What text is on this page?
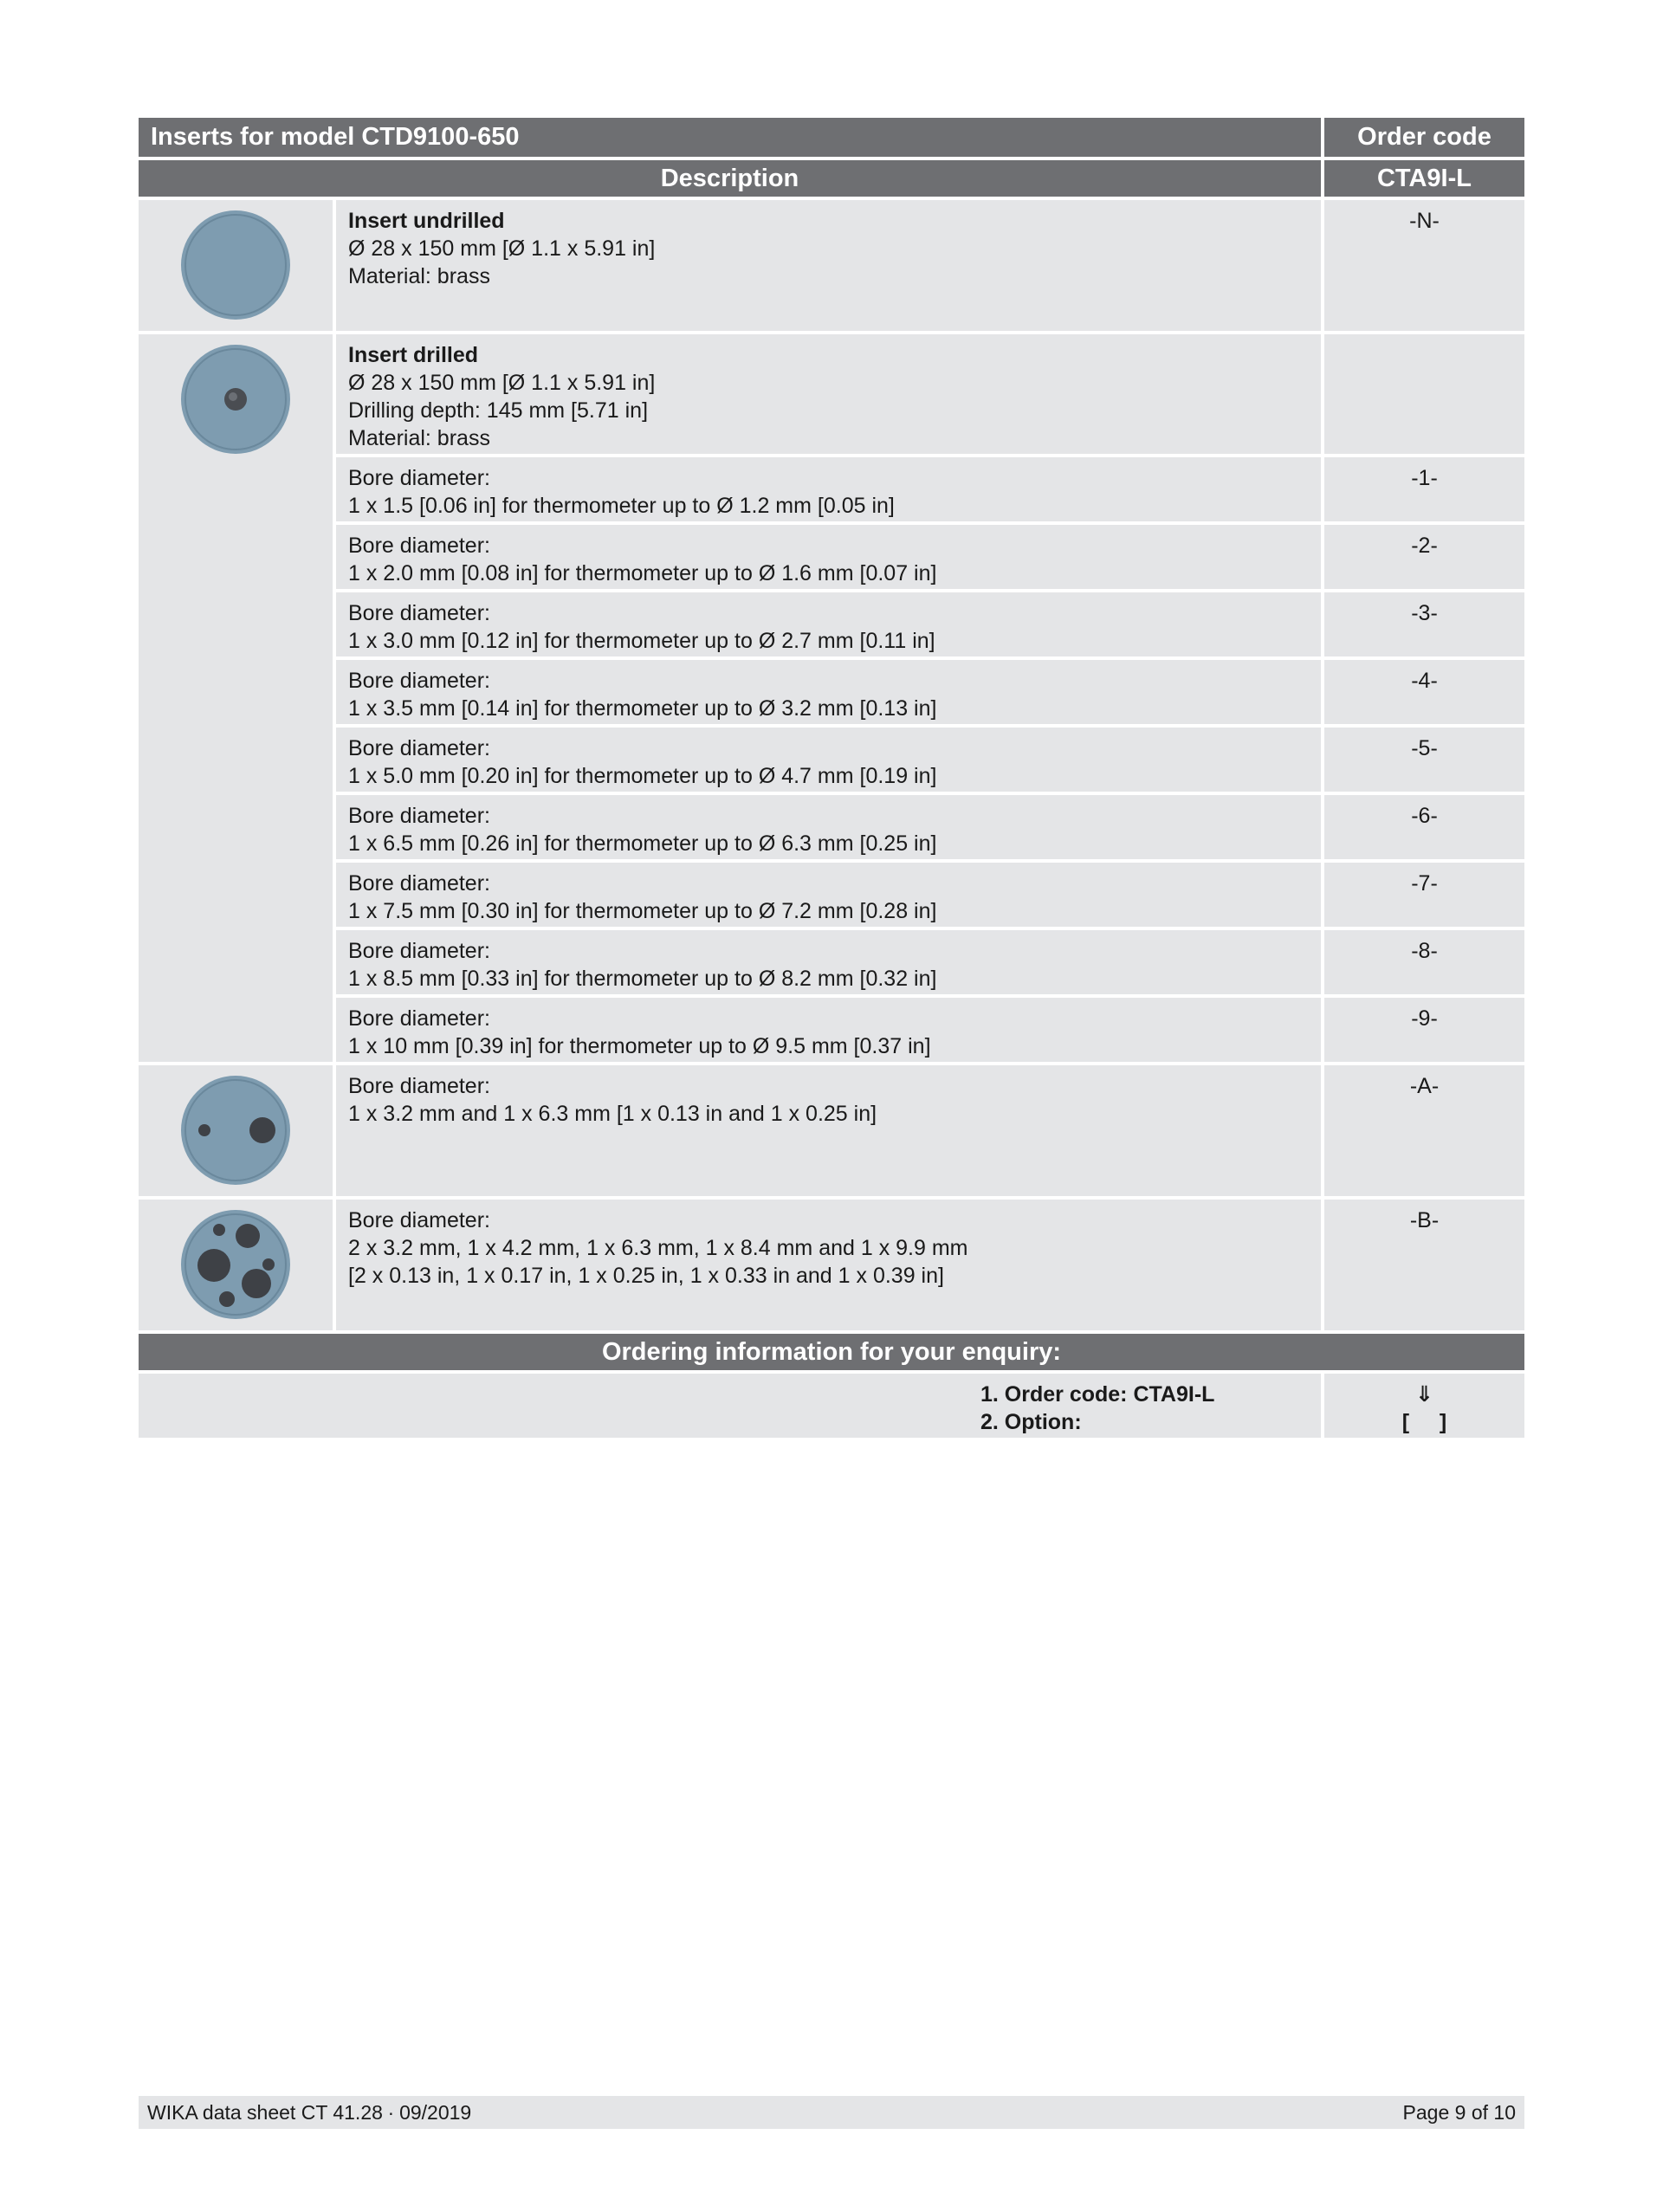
Inserts for model CTD9100-650	Order code
Description	CTA9I-L
Insert undrilled
Ø 28 x 150 mm [Ø 1.1 x 5.91 in]
Material: brass
-N-
Insert drilled
Ø 28 x 150 mm [Ø 1.1 x 5.91 in]
Drilling depth: 145 mm [5.71 in]
Material: brass
Bore diameter:
1 x 1.5 [0.06 in] for thermometer up to Ø 1.2 mm [0.05 in]
-1-
Bore diameter:
1 x 2.0 mm [0.08 in] for thermometer up to Ø 1.6 mm [0.07 in]
-2-
Bore diameter:
1 x 3.0 mm [0.12 in] for thermometer up to Ø 2.7 mm [0.11 in]
-3-
Bore diameter:
1 x 3.5 mm [0.14 in] for thermometer up to Ø 3.2 mm [0.13 in]
-4-
Bore diameter:
1 x 5.0 mm [0.20 in] for thermometer up to Ø 4.7 mm [0.19 in]
-5-
Bore diameter:
1 x 6.5 mm [0.26 in] for thermometer up to Ø 6.3 mm [0.25 in]
-6-
Bore diameter:
1 x 7.5 mm [0.30 in] for thermometer up to Ø 7.2 mm [0.28 in]
-7-
Bore diameter:
1 x 8.5 mm [0.33 in] for thermometer up to Ø 8.2 mm [0.32 in]
-8-
Bore diameter:
1 x 10 mm [0.39 in] for thermometer up to Ø 9.5 mm [0.37 in]
-9-
Bore diameter:
1 x 3.2 mm and 1 x 6.3 mm [1 x 0.13 in and 1 x 0.25 in]
-A-
Bore diameter:
2 x 3.2 mm, 1 x 4.2 mm, 1 x 6.3 mm, 1 x 8.4 mm and 1 x 9.9 mm
[2 x 0.13 in, 1 x 0.17 in, 1 x 0.25 in, 1 x 0.33 in and 1 x 0.39 in]
-B-
Ordering information for your enquiry:
1. Order code: CTA9I-L
2. Option:
⇓
[     ]
WIKA data sheet CT 41.28 ∙ 09/2019	Page 9 of 10
